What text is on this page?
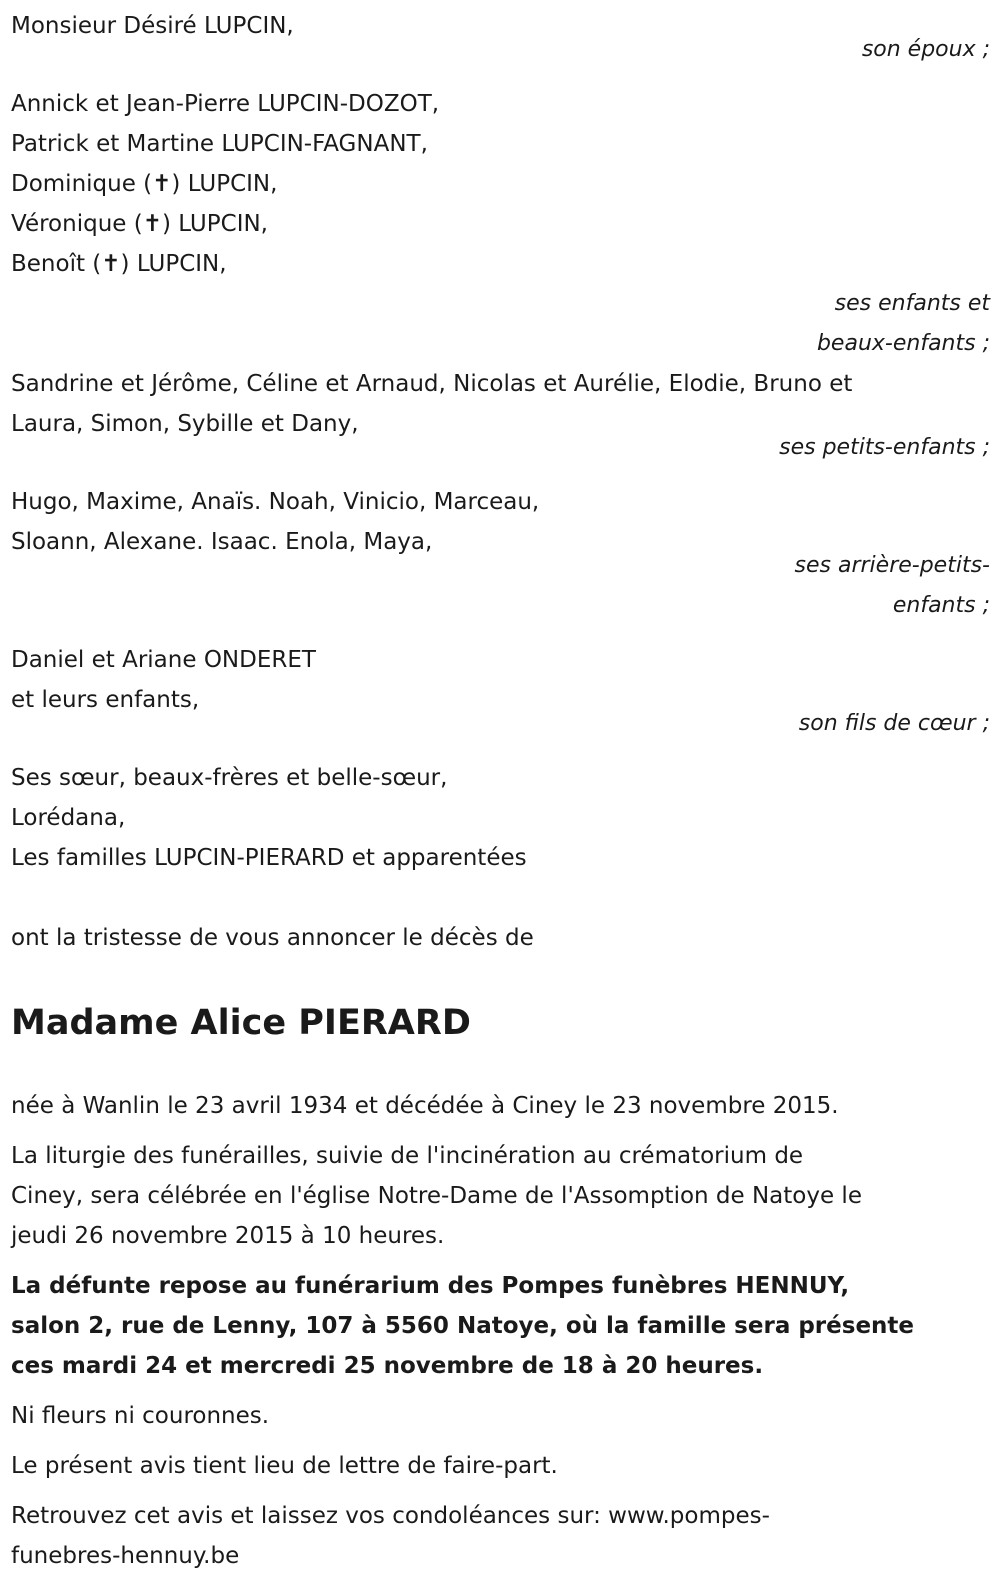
Monsieur Désiré LUPCIN,
son époux ;
Annick et Jean-Pierre LUPCIN-DOZOT,
Patrick et Martine LUPCIN-FAGNANT,
Dominique (✝) LUPCIN,
Véronique (✝) LUPCIN,
Benoît (✝) LUPCIN,
ses enfants et
beaux-enfants ;
Sandrine et Jérôme, Céline et Arnaud, Nicolas et Aurélie, Elodie, Bruno et
Laura, Simon, Sybille et Dany,
ses petits-enfants ;
Hugo, Maxime, Anaïs. Noah, Vinicio, Marceau,
Sloann, Alexane. Isaac. Enola, Maya,
ses arrière-petits-
enfants ;
Daniel et Ariane ONDERET
et leurs enfants,
son fils de cœur ;
Ses sœur, beaux-frères et belle-sœur,
Lorédana,
Les familles LUPCIN-PIERARD et apparentées
ont la tristesse de vous annoncer le décès de
Madame Alice PIERARD
née à Wanlin le 23 avril 1934 et décédée à Ciney le 23 novembre 2015.
La liturgie des funérailles, suivie de l'incinération au crématorium de
Ciney, sera célébrée en l'église Notre-Dame de l'Assomption de Natoye le
jeudi 26 novembre 2015 à 10 heures.
La défunte repose au funérarium des Pompes funèbres HENNUY,
salon 2, rue de Lenny, 107 à 5560 Natoye, où la famille sera présente
ces mardi 24 et mercredi 25 novembre de 18 à 20 heures.
Ni fleurs ni couronnes.
Le présent avis tient lieu de lettre de faire-part.
Retrouvez cet avis et laissez vos condoléances sur: www.pompes-
funebres-hennuy.be
